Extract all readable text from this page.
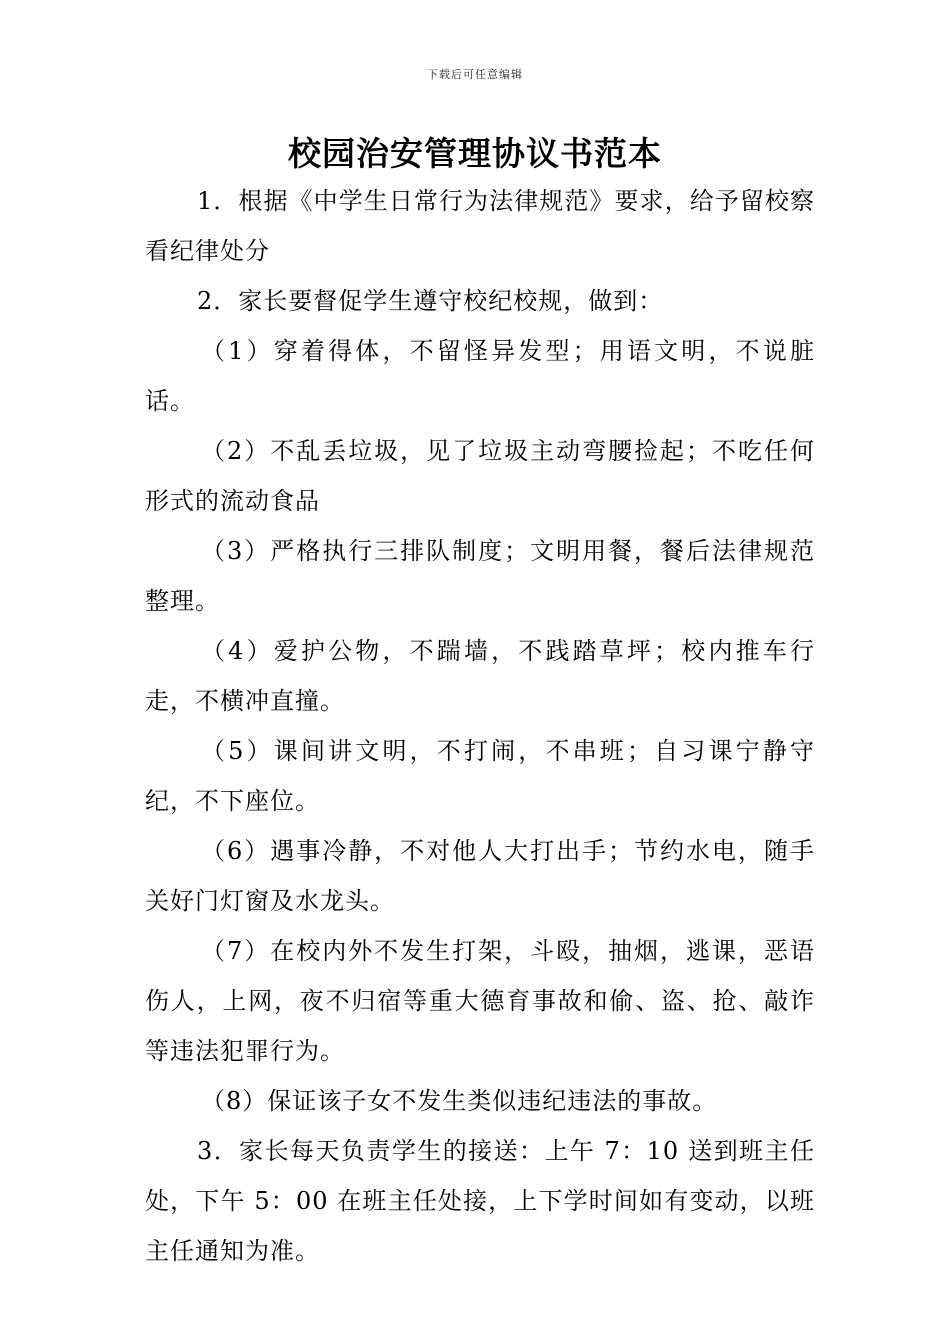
下载后可任意编辑
校园治安管理协议书范本

1．根据《中学生日常行为法律规范》要求，给予留校察看纪律处分

2．家长要督促学生遵守校纪校规，做到：

（1）穿着得体，不留怪异发型；用语文明，不说脏话。

（2）不乱丢垃圾，见了垃圾主动弯腰捡起；不吃任何形式的流动食品

（3）严格执行三排队制度；文明用餐，餐后法律规范整理。

（4）爱护公物，不踹墙，不践踏草坪；校内推车行走，不横冲直撞。

（5）课间讲文明，不打闹，不串班；自习课宁静守纪，不下座位。

（6）遇事冷静，不对他人大打出手；节约水电，随手关好门灯窗及水龙头。

（7）在校内外不发生打架，斗殴，抽烟，逃课，恶语伤人，上网，夜不归宿等重大德育事故和偷、盗、抢、敲诈等违法犯罪行为。

（8）保证该子女不发生类似违纪违法的事故。

3．家长每天负责学生的接送：上午 7：10 送到班主任处，下午 5：00 在班主任处接，上下学时间如有变动，以班主任通知为准。
